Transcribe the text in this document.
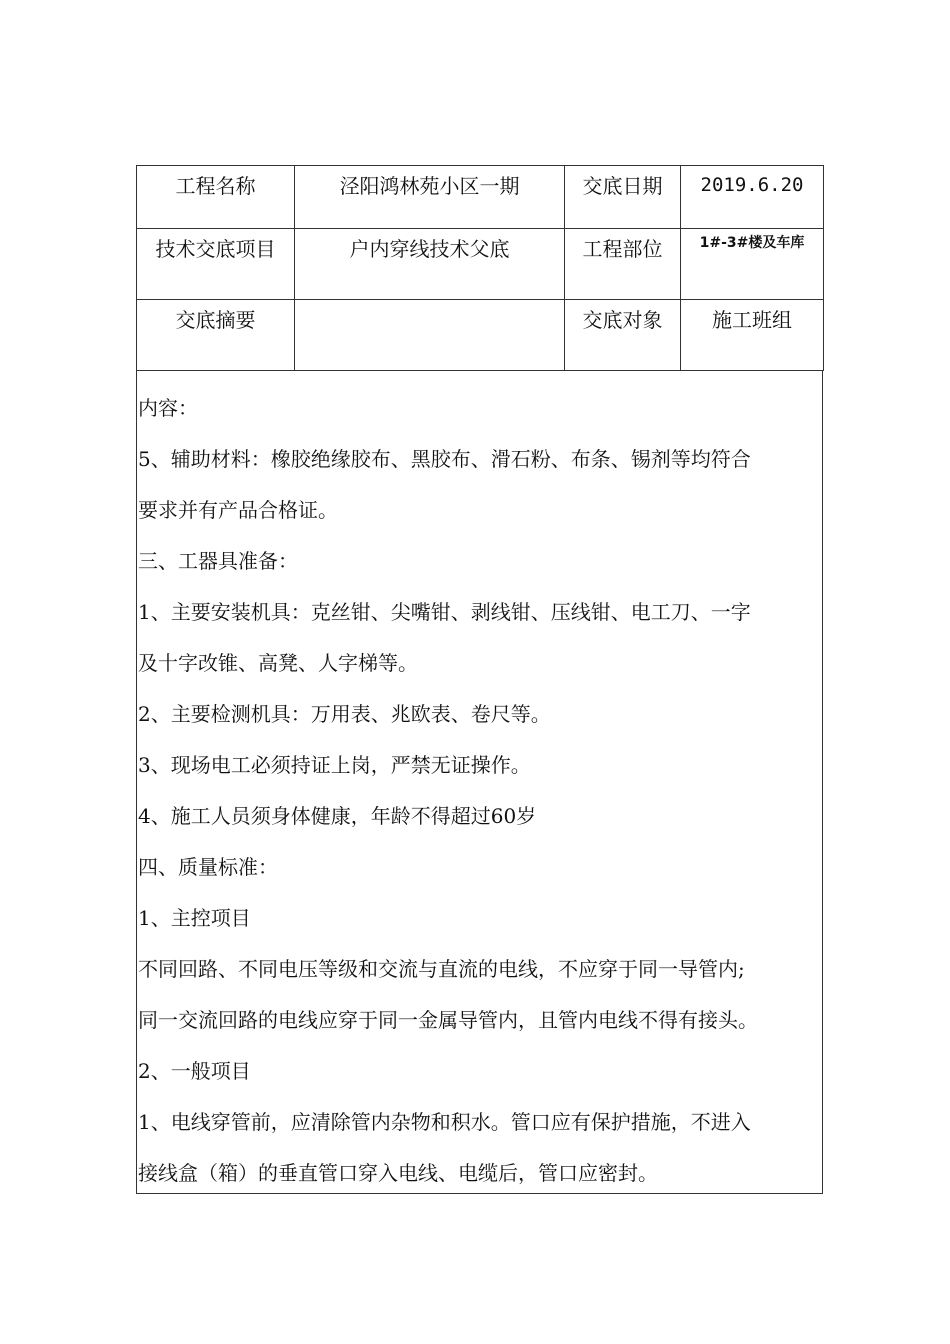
工程名称	泾阳鸿林苑小区一期	交底日期	2019.6.20
技术交底项目	户内穿线技术父底	工程部位	1#-3#楼及车库
交底摘要		交底对象	施工班组
内容：
5、辅助材料：橡胶绝缘胶布、黑胶布、滑石粉、布条、锡剂等均符合
要求并有产品合格证。
三、工器具准备：
1、主要安装机具：克丝钳、尖嘴钳、剥线钳、压线钳、电工刀、一字
及十字改锥、高凳、人字梯等。
2、主要检测机具：万用表、兆欧表、卷尺等。
3、现场电工必须持证上岗，严禁无证操作。
4、施工人员须身体健康，年龄不得超过60岁
四、质量标准：
1、主控项目
不同回路、不同电压等级和交流与直流的电线，不应穿于同一导管内;
同一交流回路的电线应穿于同一金属导管内，且管内电线不得有接头。
2、一般项目
1、电线穿管前，应清除管内杂物和积水。管口应有保护措施，不进入
接线盒（箱）的垂直管口穿入电线、电缆后，管口应密封。
